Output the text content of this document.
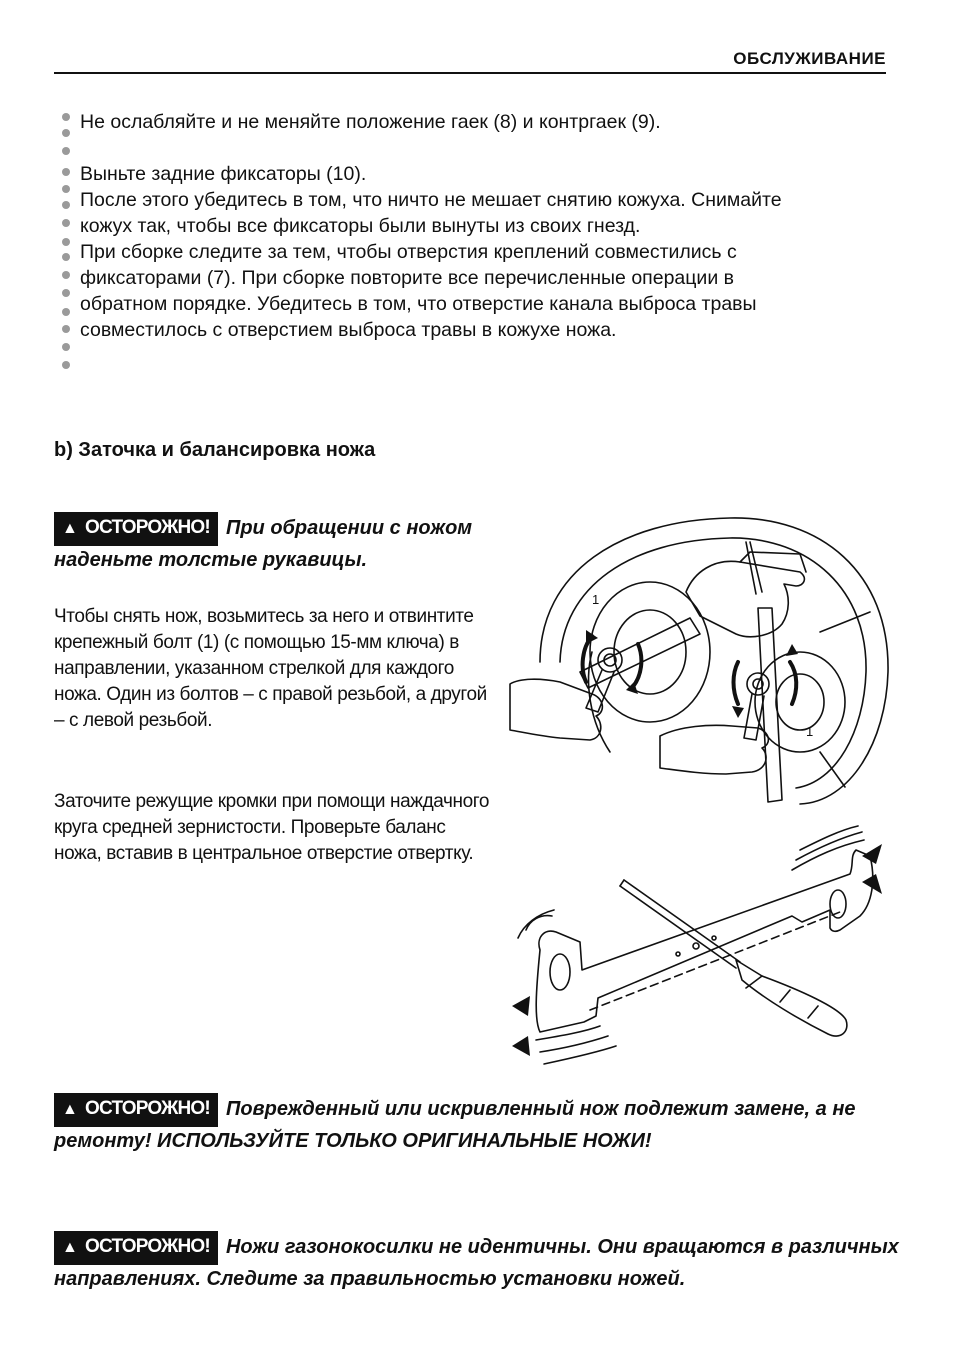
ОБСЛУЖИВАНИЕ

Не ослабляйте и не меняйте положение гаек (8) и контргаек (9).

Выньте задние фиксаторы (10).

После этого убедитесь в том, что ничто не мешает снятию кожуха. Снимайте

кожух так, чтобы все фиксаторы были вынуты из своих гнезд.

При сборке следите за тем, чтобы отверстия креплений совместились с

фиксаторами (7). При сборке повторите все перечисленные операции в

обратном порядке. Убедитесь в том, что отверстие канала выброса травы

совместилось с отверстием выброса травы в кожухе ножа.

b) Заточка и балансировка ножа
▲ ОСТОРОЖНО! При обращении с ножом наденьте толстые рукавицы.
Чтобы снять нож, возьмитесь за него и отвинтите крепежный болт (1) (с помощью 15-мм ключа) в направлении, указанном стрелкой для каждого ножа. Один из болтов – с правой резьбой, а другой – с левой резьбой.
Заточите режущие кромки при помощи наждачного круга средней зернистости. Проверьте баланс ножа, вставив в центральное отверстие отвертку.
1
1
▲ ОСТОРОЖНО! Поврежденный или искривленный нож подлежит замене, а не ремонту! ИСПОЛЬЗУЙТЕ ТОЛЬКО ОРИГИНАЛЬНЫЕ НОЖИ!
▲ ОСТОРОЖНО! Ножи газонокосилки не идентичны. Они вращаются в различных направлениях. Следите за правильностью установки ножей.
